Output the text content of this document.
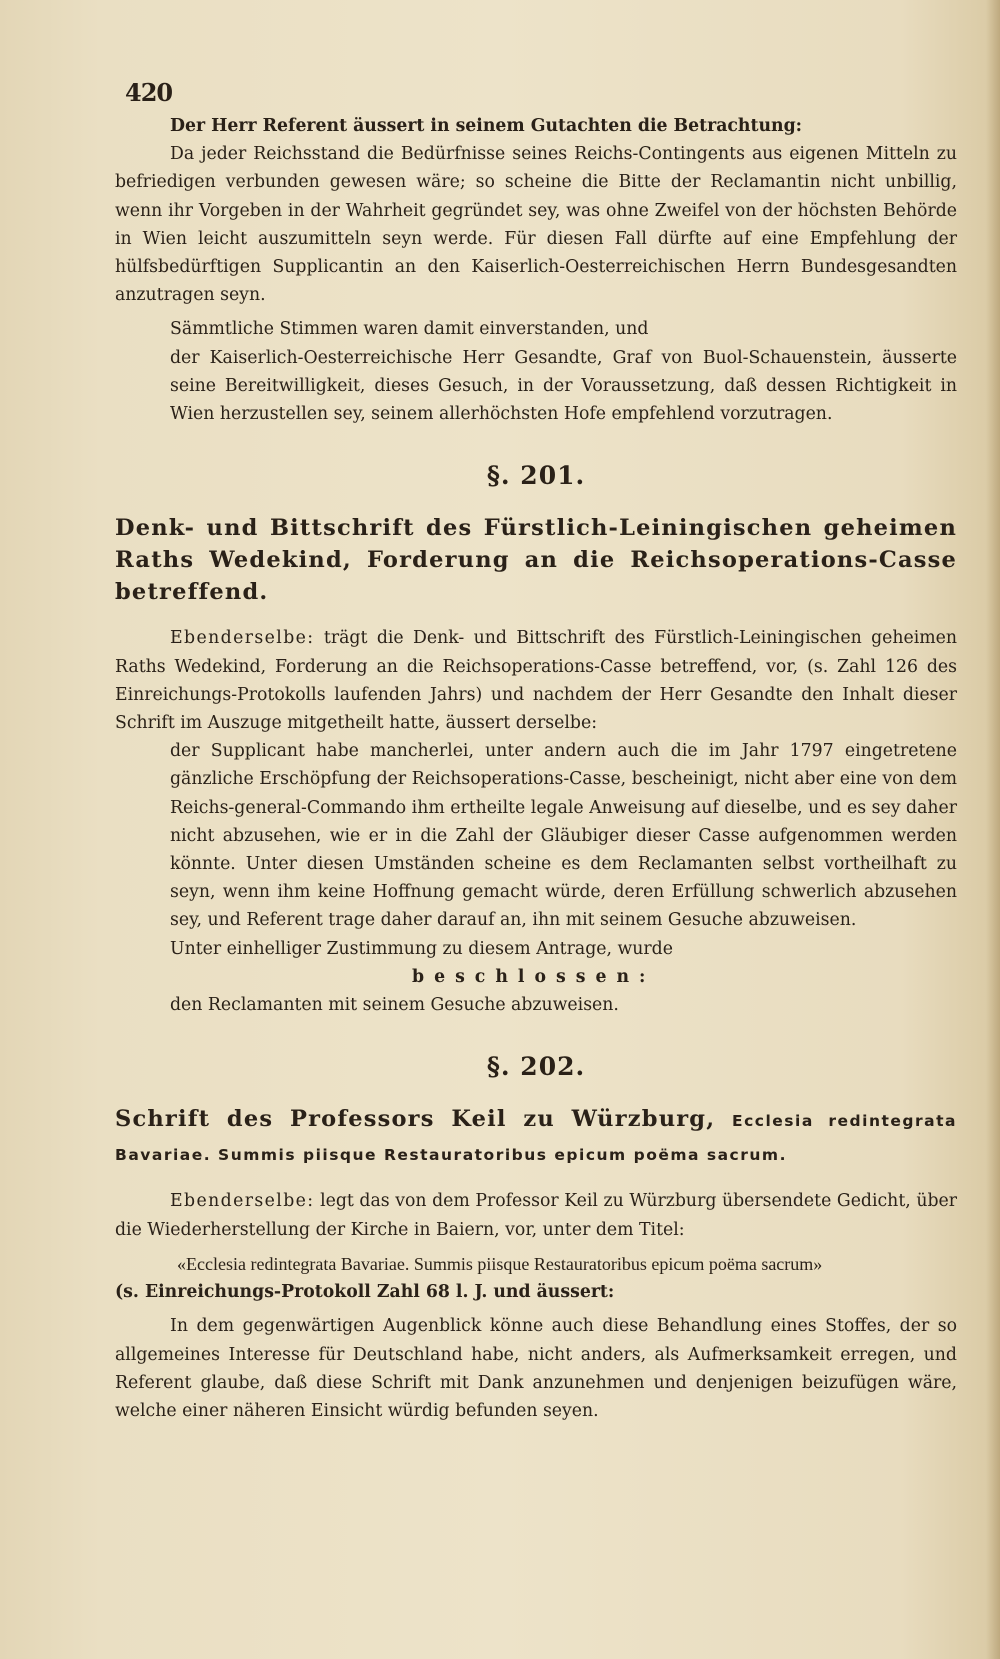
420

Der Herr Referent äussert in seinem Gutachten die Betrachtung:

Da jeder Reichsstand die Bedürfnisse seines Reichs-Contingents aus eigenen Mitteln zu befriedigen verbunden gewesen wäre; so scheine die Bitte der Reclamantin nicht unbillig, wenn ihr Vorgeben in der Wahrheit gegründet sey, was ohne Zweifel von der höchsten Behörde in Wien leicht auszumitteln seyn werde. Für diesen Fall dürfte auf eine Empfehlung der hülfsbedürftigen Supplicantin an den Kaiserlich-Oesterreichischen Herrn Bundesgesandten anzutragen seyn.

Sämmtliche Stimmen waren damit einverstanden, und

der Kaiserlich-Oesterreichische Herr Gesandte, Graf von Buol-Schauenstein, äusserte seine Bereitwilligkeit, dieses Gesuch, in der Voraussetzung, daß dessen Richtigkeit in Wien herzustellen sey, seinem allerhöchsten Hofe empfehlend vorzutragen.

§. 201.

Denk- und Bittschrift des Fürstlich-Leiningischen geheimen Raths Wedekind, Forderung an die Reichsoperations-Casse betreffend.

Ebenderselbe: trägt die Denk- und Bittschrift des Fürstlich-Leiningischen geheimen Raths Wedekind, Forderung an die Reichsoperations-Casse betreffend, vor, (s. Zahl 126 des Einreichungs-Protokolls laufenden Jahrs) und nachdem der Herr Gesandte den Inhalt dieser Schrift im Auszuge mitgetheilt hatte, äussert derselbe:

der Supplicant habe mancherlei, unter andern auch die im Jahr 1797 eingetretene gänzliche Erschöpfung der Reichsoperations-Casse, bescheinigt, nicht aber eine von dem Reichs-general-Commando ihm ertheilte legale Anweisung auf dieselbe, und es sey daher nicht abzusehen, wie er in die Zahl der Gläubiger dieser Casse aufgenommen werden könnte. Unter diesen Umständen scheine es dem Reclamanten selbst vortheilhaft zu seyn, wenn ihm keine Hoffnung gemacht würde, deren Erfüllung schwerlich abzusehen sey, und Referent trage daher darauf an, ihn mit seinem Gesuche abzuweisen.

Unter einhelliger Zustimmung zu diesem Antrage, wurde

beschlossen:

den Reclamanten mit seinem Gesuche abzuweisen.

§. 202.

Schrift des Professors Keil zu Würzburg, Ecclesia redintegrata Bavariae. Summis piisque Restauratoribus epicum poëma sacrum.

Ebenderselbe: legt das von dem Professor Keil zu Würzburg übersendete Gedicht, über die Wiederherstellung der Kirche in Baiern, vor, unter dem Titel:

«Ecclesia redintegrata Bavariae. Summis piisque Restauratoribus epicum poëma sacrum»

(s. Einreichungs-Protokoll Zahl 68 l. J. und äussert:

In dem gegenwärtigen Augenblick könne auch diese Behandlung eines Stoffes, der so allgemeines Interesse für Deutschland habe, nicht anders, als Aufmerksamkeit erregen, und Referent glaube, daß diese Schrift mit Dank anzunehmen und denjenigen beizufügen wäre, welche einer näheren Einsicht würdig befunden seyen.
